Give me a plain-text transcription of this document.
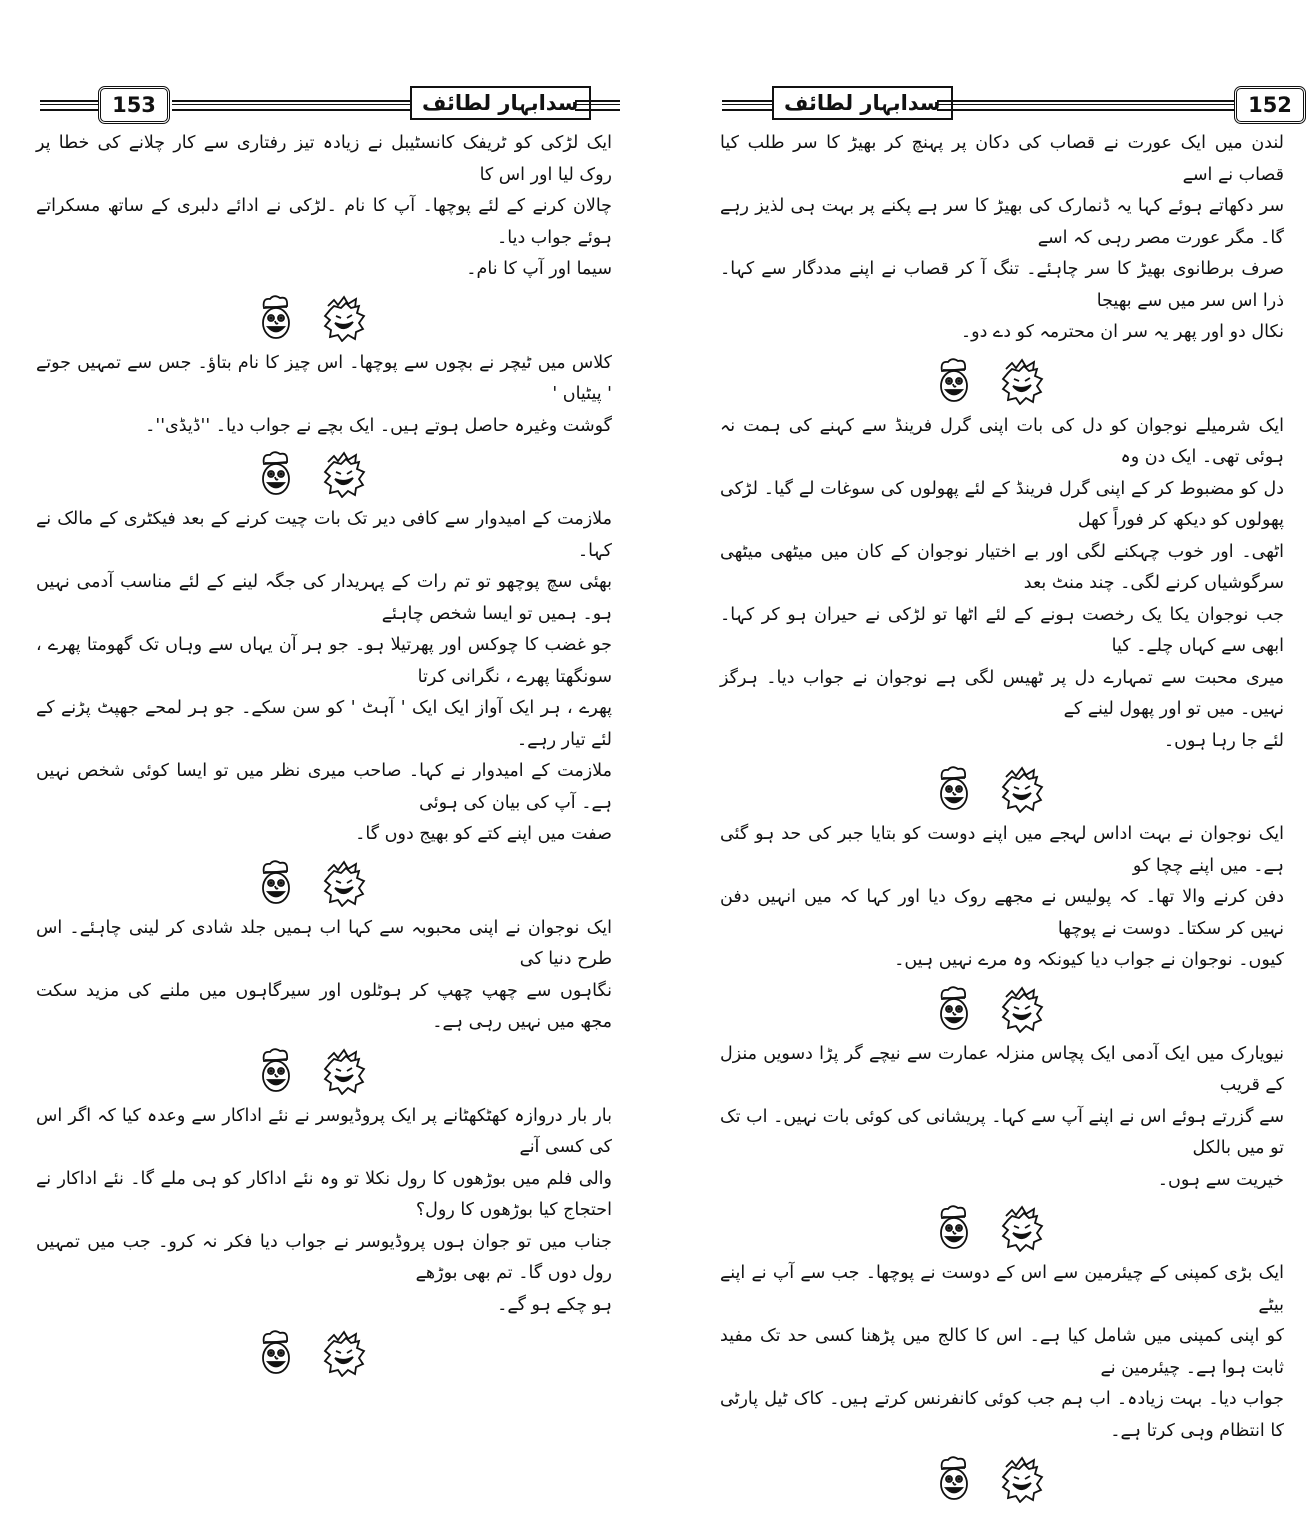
153	سدابہار لطائف

ایک لڑکی کو ٹریفک کانسٹیبل نے زیادہ تیز رفتاری سے کار چلانے کی خطا پر روک لیا اور اس کا

چالان کرنے کے لئے پوچھا۔ آپ کا نام ۔لڑکی نے ادائے دلبری کے ساتھ مسکراتے ہوئے جواب دیا۔

سیما اور آپ کا نام۔

کلاس میں ٹیچر نے بچوں سے پوچھا۔ اس چیز کا نام بتاؤ۔ جس سے تمہیں جوتے ' پیٹیاں '

گوشت وغیرہ حاصل ہوتے ہیں۔ ایک بچے نے جواب دیا۔ ''ڈیڈی''۔

ملازمت کے امیدوار سے کافی دیر تک بات چیت کرنے کے بعد فیکٹری کے مالک نے کہا۔

بھئی سچ پوچھو تو تم رات کے پہریدار کی جگہ لینے کے لئے مناسب آدمی نہیں ہو۔ ہمیں تو ایسا شخص چاہئے

جو غضب کا چوکس اور پھرتیلا ہو۔ جو ہر آن یہاں سے وہاں تک گھومتا پھرے ، سونگھتا پھرے ، نگرانی کرتا

پھرے ، ہر ایک آواز ایک ایک ' آہٹ ' کو سن سکے۔ جو ہر لمحے جھپٹ پڑنے کے لئے تیار رہے۔

ملازمت کے امیدوار نے کہا۔ صاحب میری نظر میں تو ایسا کوئی شخص نہیں ہے۔ آپ کی بیان کی ہوئی

صفت میں اپنے کتے کو بھیج دوں گا۔

ایک نوجوان نے اپنی محبوبہ سے کہا اب ہمیں جلد شادی کر لینی چاہئے۔ اس طرح دنیا کی

نگاہوں سے چھپ چھپ کر ہوٹلوں اور سیرگاہوں میں ملنے کی مزید سکت مجھ میں نہیں رہی ہے۔

بار بار دروازہ کھٹکھٹانے پر ایک پروڈیوسر نے نئے اداکار سے وعدہ کیا کہ اگر اس کی کسی آنے

والی فلم میں بوڑھوں کا رول نکلا تو وہ نئے اداکار کو ہی ملے گا۔ نئے اداکار نے احتجاج کیا بوڑھوں کا رول؟

جناب میں تو جوان ہوں پروڈیوسر نے جواب دیا فکر نہ کرو۔ جب میں تمہیں رول دوں گا۔ تم بھی بوڑھے

ہو چکے ہو گے۔

سدابہار لطائف	152

لندن میں ایک عورت نے قصاب کی دکان پر پہنچ کر بھیڑ کا سر طلب کیا قصاب نے اسے

سر دکھاتے ہوئے کہا یہ ڈنمارک کی بھیڑ کا سر ہے پکنے پر بہت ہی لذیز رہے گا۔ مگر عورت مصر رہی کہ اسے

صرف برطانوی بھیڑ کا سر چاہئے۔ تنگ آ کر قصاب نے اپنے مددگار سے کہا۔ ذرا اس سر میں سے بھیجا

نکال دو اور پھر یہ سر ان محترمہ کو دے دو۔

ایک شرمیلے نوجوان کو دل کی بات اپنی گرل فرینڈ سے کہنے کی ہمت نہ ہوئی تھی۔ ایک دن وہ

دل کو مضبوط کر کے اپنی گرل فرینڈ کے لئے پھولوں کی سوغات لے گیا۔ لڑکی پھولوں کو دیکھ کر فوراً کھل

اٹھی۔ اور خوب چہکنے لگی اور بے اختیار نوجوان کے کان میں میٹھی میٹھی سرگوشیاں کرنے لگی۔ چند منٹ بعد

جب نوجوان یکا یک رخصت ہونے کے لئے اٹھا تو لڑکی نے حیران ہو کر کہا۔ ابھی سے کہاں چلے۔ کیا

میری محبت سے تمہارے دل پر ٹھیس لگی ہے نوجوان نے جواب دیا۔ ہرگز نہیں۔ میں تو اور پھول لینے کے

لئے جا رہا ہوں۔

ایک نوجوان نے بہت اداس لہجے میں اپنے دوست کو بتایا جبر کی حد ہو گئی ہے۔ میں اپنے چچا کو

دفن کرنے والا تھا۔ کہ پولیس نے مجھے روک دیا اور کہا کہ میں انہیں دفن نہیں کر سکتا۔ دوست نے پوچھا

کیوں۔ نوجوان نے جواب دیا کیونکہ وہ مرے نہیں ہیں۔

نیویارک میں ایک آدمی ایک پچاس منزلہ عمارت سے نیچے گر پڑا دسویں منزل کے قریب

سے گزرتے ہوئے اس نے اپنے آپ سے کہا۔ پریشانی کی کوئی بات نہیں۔ اب تک تو میں بالکل

خیریت سے ہوں۔

ایک بڑی کمپنی کے چیئرمین سے اس کے دوست نے پوچھا۔ جب سے آپ نے اپنے بیٹے

کو اپنی کمپنی میں شامل کیا ہے۔ اس کا کالج میں پڑھنا کسی حد تک مفید ثابت ہوا ہے۔ چیئرمین نے

جواب دیا۔ بہت زیادہ۔ اب ہم جب کوئی کانفرنس کرتے ہیں۔ کاک ٹیل پارٹی کا انتظام وہی کرتا ہے۔
